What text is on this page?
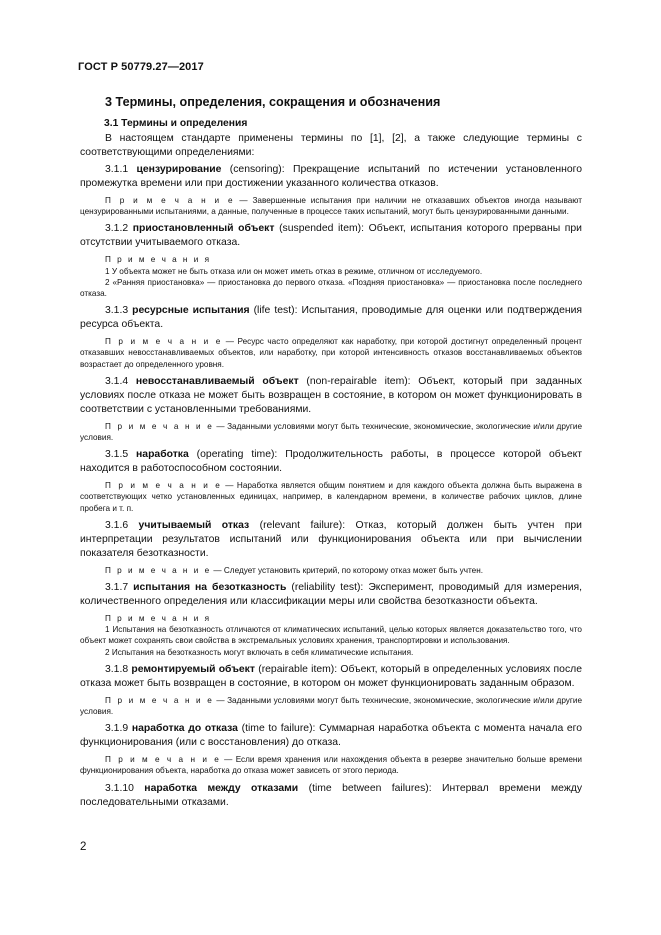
ГОСТ Р 50779.27—2017
3 Термины, определения, сокращения и обозначения
3.1 Термины и определения

В настоящем стандарте применены термины по [1], [2], а также следующие термины с соответствующими определениями:

3.1.1 цензурирование (censoring): Прекращение испытаний по истечении установленного промежутка времени или при достижении указанного количества отказов.

П р и м е ч а н и е — Завершенные испытания при наличии не отказавших объектов иногда называют цензурированными испытаниями, а данные, полученные в процессе таких испытаний, могут быть цензурированными данными.

3.1.2 приостановленный объект (suspended item): Объект, испытания которого прерваны при отсутствии учитываемого отказа.

П р и м е ч а н и я
1 У объекта может не быть отказа или он может иметь отказ в режиме, отличном от исследуемого.
2 «Ранняя приостановка» — приостановка до первого отказа. «Поздняя приостановка» — приостановка после последнего отказа.

3.1.3 ресурсные испытания (life test): Испытания, проводимые для оценки или подтверждения ресурса объекта.

П р и м е ч а н и е — Ресурс часто определяют как наработку, при которой достигнут определенный процент отказавших невосстанавливаемых объектов, или наработку, при которой интенсивность отказов восстанавливаемых объектов возрастает до определенного уровня.

3.1.4 невосстанавливаемый объект (non-repairable item): Объект, который при заданных условиях после отказа не может быть возвращен в состояние, в котором он может функционировать в соответствии с установленными требованиями.

П р и м е ч а н и е — Заданными условиями могут быть технические, экономические, экологические и/или другие условия.

3.1.5 наработка (operating time): Продолжительность работы, в процессе которой объект находится в работоспособном состоянии.

П р и м е ч а н и е — Наработка является общим понятием и для каждого объекта должна быть выражена в соответствующих четко установленных единицах, например, в календарном времени, в количестве рабочих циклов, длине пробега и т. п.

3.1.6 учитываемый отказ (relevant failure): Отказ, который должен быть учтен при интерпретации результатов испытаний или функционирования объекта или при вычислении показателя безотказности.

П р и м е ч а н и е — Следует установить критерий, по которому отказ может быть учтен.

3.1.7 испытания на безотказность (reliability test): Эксперимент, проводимый для измерения, количественного определения или классификации меры или свойства безотказности объекта.

П р и м е ч а н и я
1 Испытания на безотказность отличаются от климатических испытаний, целью которых является доказательство того, что объект может сохранять свои свойства в экстремальных условиях хранения, транспортировки и использования.
2 Испытания на безотказность могут включать в себя климатические испытания.

3.1.8 ремонтируемый объект (repairable item): Объект, который в определенных условиях после отказа может быть возвращен в состояние, в котором он может функционировать заданным образом.

П р и м е ч а н и е — Заданными условиями могут быть технические, экономические, экологические и/или другие условия.

3.1.9 наработка до отказа (time to failure): Суммарная наработка объекта с момента начала его функционирования (или с восстановления) до отказа.

П р и м е ч а н и е — Если время хранения или нахождения объекта в резерве значительно больше времени функционирования объекта, наработка до отказа может зависеть от этого периода.

3.1.10 наработка между отказами (time between failures): Интервал времени между последовательными отказами.

2
